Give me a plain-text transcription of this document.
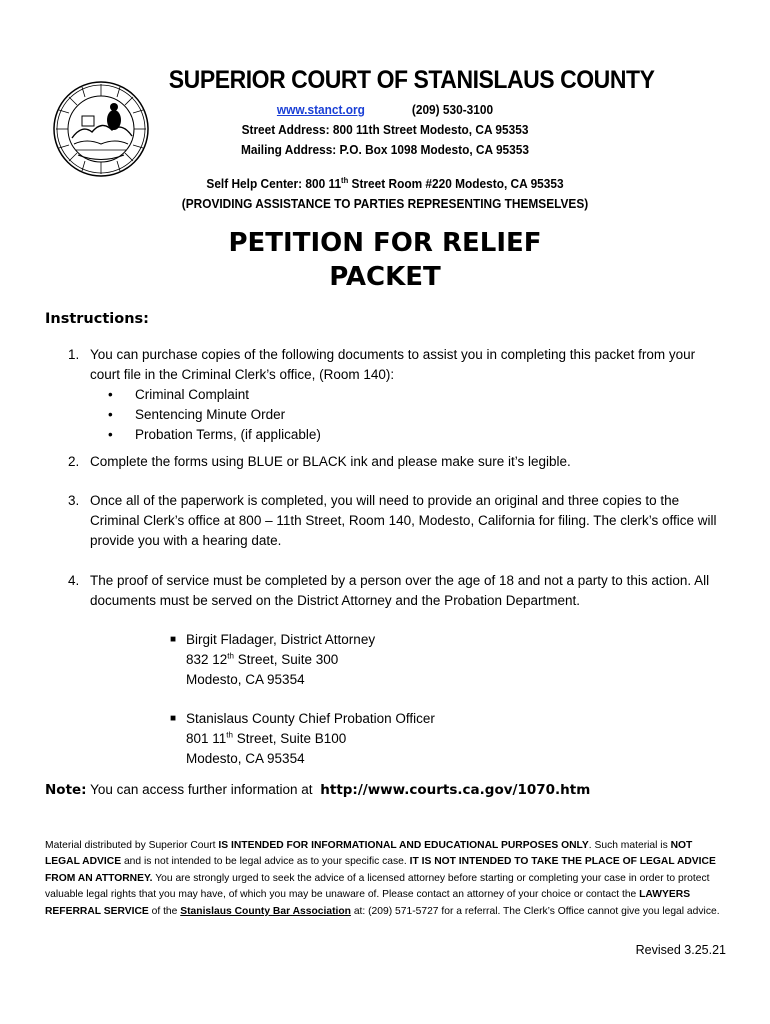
SUPERIOR COURT OF STANISLAUS COUNTY
www.stanct.org	(209) 530-3100
Street Address: 800 11th Street Modesto, CA 95353
Mailing Address: P.O. Box 1098 Modesto, CA 95353
Self Help Center: 800 11th Street Room #220 Modesto, CA 95353
(PROVIDING ASSISTANCE TO PARTIES REPRESENTING THEMSELVES)
PETITION FOR RELIEF
PACKET
Instructions:
1. You can purchase copies of the following documents to assist you in completing this packet from your court file in the Criminal Clerk’s office, (Room 140):
• Criminal Complaint
• Sentencing Minute Order
• Probation Terms, (if applicable)
2. Complete the forms using BLUE or BLACK ink and please make sure it’s legible.
3. Once all of the paperwork is completed, you will need to provide an original and three copies to the Criminal Clerk’s office at 800 – 11th Street, Room 140, Modesto, California for filing. The clerk’s office will provide you with a hearing date.
4. The proof of service must be completed by a person over the age of 18 and not a party to this action. All documents must be served on the District Attorney and the Probation Department.
■ Birgit Fladager, District Attorney
832 12th Street, Suite 300
Modesto, CA 95354
■ Stanislaus County Chief Probation Officer
801 11th Street, Suite B100
Modesto, CA 95354
Note: You can access further information at http://www.courts.ca.gov/1070.htm
Material distributed by Superior Court IS INTENDED FOR INFORMATIONAL AND EDUCATIONAL PURPOSES ONLY. Such material is NOT LEGAL ADVICE and is not intended to be legal advice as to your specific case. IT IS NOT INTENDED TO TAKE THE PLACE OF LEGAL ADVICE FROM AN ATTORNEY. You are strongly urged to seek the advice of a licensed attorney before starting or completing your case in order to protect valuable legal rights that you may have, of which you may be unaware of. Please contact an attorney of your choice or contact the LAWYERS REFERRAL SERVICE of the Stanislaus County Bar Association at: (209) 571-5727 for a referral. The Clerk’s Office cannot give you legal advice.
Revised 3.25.21
